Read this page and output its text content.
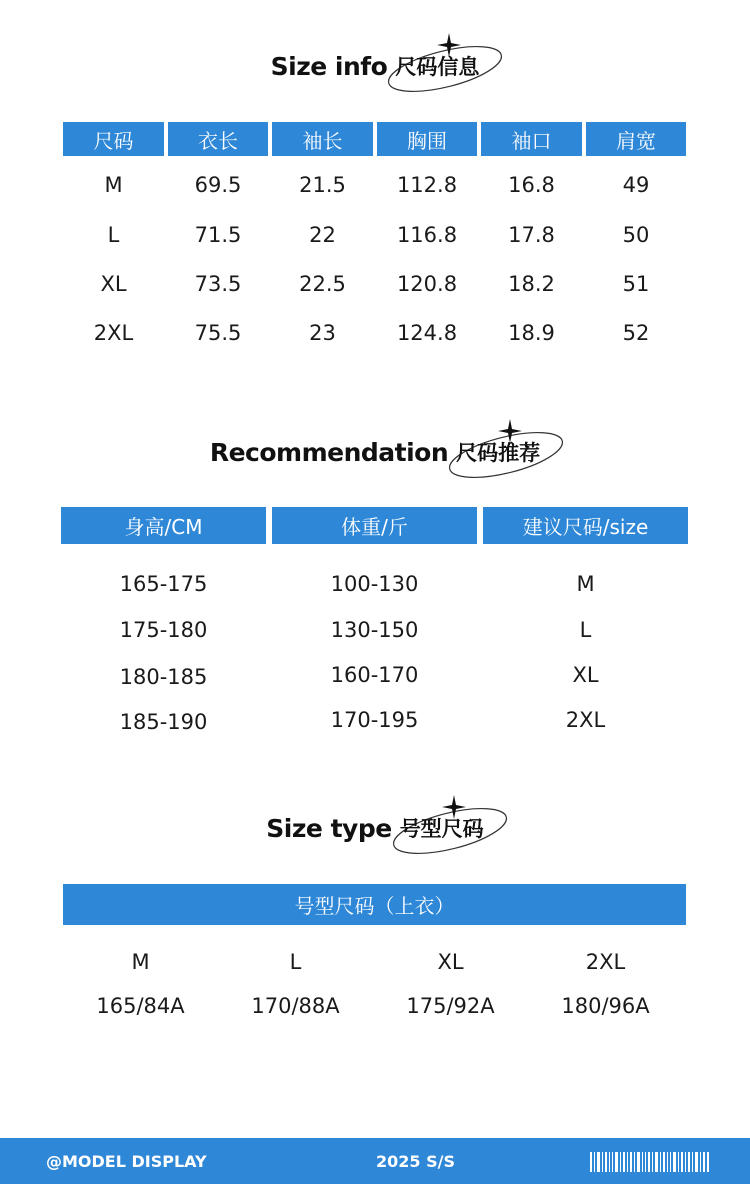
Size info 尺码信息
尺码	衣长	袖长	胸围	袖口	肩宽
M	69.5	21.5	112.8	16.8	49
L	71.5	22	116.8	17.8	50
XL	73.5	22.5	120.8	18.2	51
2XL	75.5	23	124.8	18.9	52
Recommendation 尺码推荐
身高/CM	体重/斤	建议尺码/size
165-175	100-130	M
175-180	130-150	L
180-185	160-170	XL
185-190	170-195	2XL
Size type 号型尺码
号型尺码（上衣）
M	L	XL	2XL
165/84A	170/88A	175/92A	180/96A
@MODEL DISPLAY	2025 S/S
